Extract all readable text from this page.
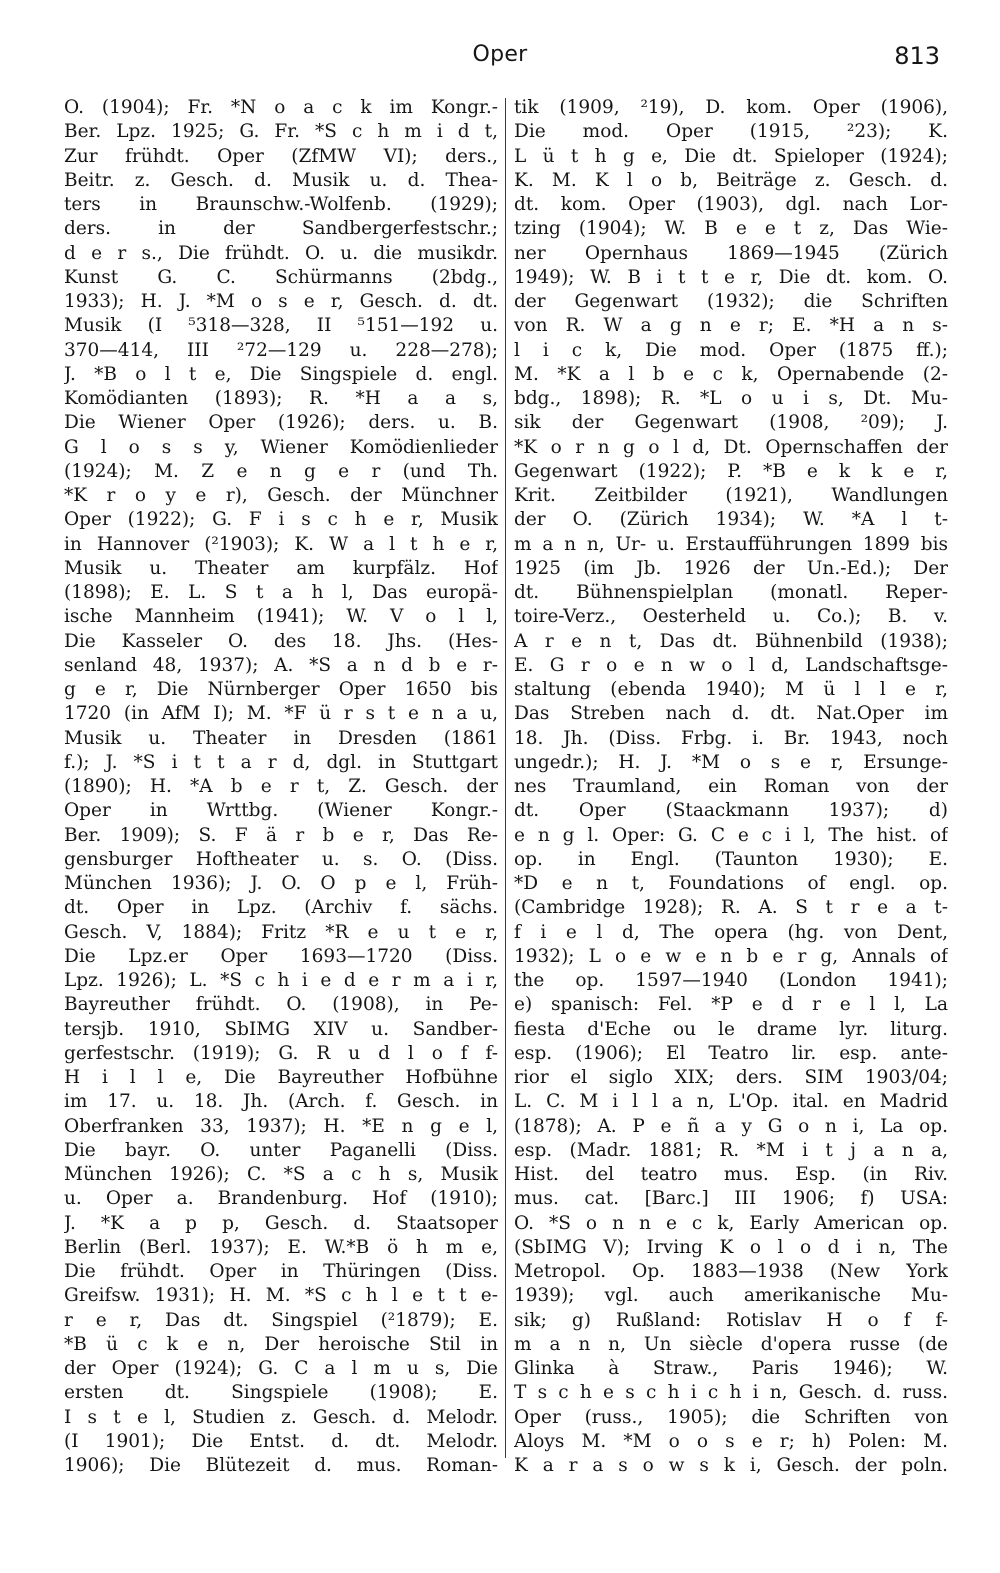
Oper	813
O. (1904); Fr. *N o a c k im Kongr.-
Ber. Lpz. 1925; G. Fr. *S c h m i d t,
Zur frühdt. Oper (ZfMW VI); ders.,
Beitr. z. Gesch. d. Musik u. d. Thea-
ters in Braunschw.-Wolfenb. (1929);
ders. in der Sandbergerfestschr.;
d e r s., Die frühdt. O. u. die musikdr.
Kunst G. C. Schürmanns (2bdg.,
1933); H. J. *M o s e r, Gesch. d. dt.
Musik (I ⁵318—328, II ⁵151—192 u.
370—414, III ²72—129 u. 228—278);
J. *B o l t e, Die Singspiele d. engl.
Komödianten (1893); R. *H a a s,
Die Wiener Oper (1926); ders. u. B.
G l o s s y, Wiener Komödienlieder
(1924); M. Z e n g e r (und Th.
*K r o y e r), Gesch. der Münchner
Oper (1922); G. F i s c h e r, Musik
in Hannover (²1903); K. W a l t h e r,
Musik u. Theater am kurpfälz. Hof
(1898); E. L. S t a h l, Das europä-
ische Mannheim (1941); W. V o l l,
Die Kasseler O. des 18. Jhs. (Hes-
senland 48, 1937); A. *S a n d b e r-
g e r, Die Nürnberger Oper 1650 bis
1720 (in AfM I); M. *F ü r s t e n a u,
Musik u. Theater in Dresden (1861
f.); J. *S i t t a r d, dgl. in Stuttgart
(1890); H. *A b e r t, Z. Gesch. der
Oper in Wrttbg. (Wiener Kongr.-
Ber. 1909); S. F ä r b e r, Das Re-
gensburger Hoftheater u. s. O. (Diss.
München 1936); J. O. O p e l, Früh-
dt. Oper in Lpz. (Archiv f. sächs.
Gesch. V, 1884); Fritz *R e u t e r,
Die Lpz.er Oper 1693—1720 (Diss.
Lpz. 1926); L. *S c h i e d e r m a i r,
Bayreuther frühdt. O. (1908), in Pe-
tersjb. 1910, SbIMG XIV u. Sandber-
gerfestschr. (1919); G. R u d l o f f-
H i l l e, Die Bayreuther Hofbühne
im 17. u. 18. Jh. (Arch. f. Gesch. in
Oberfranken 33, 1937); H. *E n g e l,
Die bayr. O. unter Paganelli (Diss.
München 1926); C. *S a c h s, Musik
u. Oper a. Brandenburg. Hof (1910);
J. *K a p p, Gesch. d. Staatsoper
Berlin (Berl. 1937); E. W.*B ö h m e,
Die frühdt. Oper in Thüringen (Diss.
Greifsw. 1931); H. M. *S c h l e t t e-
r e r, Das dt. Singspiel (²1879); E.
*B ü c k e n, Der heroische Stil in
der Oper (1924); G. C a l m u s, Die
ersten dt. Singspiele (1908); E.
I s t e l, Studien z. Gesch. d. Melodr.
(I 1901); Die Entst. d. dt. Melodr.
1906); Die Blütezeit d. mus. Roman-
tik (1909, ²19), D. kom. Oper (1906),
Die mod. Oper (1915, ²23); K.
L ü t h g e, Die dt. Spieloper (1924);
K. M. K l o b, Beiträge z. Gesch. d.
dt. kom. Oper (1903), dgl. nach Lor-
tzing (1904); W. B e e t z, Das Wie-
ner Opernhaus 1869—1945 (Zürich
1949); W. B i t t e r, Die dt. kom. O.
der Gegenwart (1932); die Schriften
von R. W a g n e r; E. *H a n s-
l i c k, Die mod. Oper (1875 ff.);
M. *K a l b e c k, Opernabende (2-
bdg., 1898); R. *L o u i s, Dt. Mu-
sik der Gegenwart (1908, ²09); J.
*K o r n g o l d, Dt. Opernschaffen der
Gegenwart (1922); P. *B e k k e r,
Krit. Zeitbilder (1921), Wandlungen
der O. (Zürich 1934); W. *A l t-
m a n n, Ur- u. Erstaufführungen 1899 bis
1925 (im Jb. 1926 der Un.-Ed.); Der
dt. Bühnenspielplan (monatl. Reper-
toire-Verz., Oesterheld u. Co.); B. v.
A r e n t, Das dt. Bühnenbild (1938);
E. G r o e n w o l d, Landschaftsge-
staltung (ebenda 1940); M ü l l e r,
Das Streben nach d. dt. Nat.Oper im
18. Jh. (Diss. Frbg. i. Br. 1943, noch
ungedr.); H. J. *M o s e r, Ersunge-
nes Traumland, ein Roman von der
dt. Oper (Staackmann 1937); d)
e n g l. Oper: G. C e c i l, The hist. of
op. in Engl. (Taunton 1930); E.
*D e n t, Foundations of engl. op.
(Cambridge 1928); R. A. S t r e a t-
f i e l d, The opera (hg. von Dent,
1932); L o e w e n b e r g, Annals of
the op. 1597—1940 (London 1941);
e) spanisch: Fel. *P e d r e l l, La
fiesta d'Eche ou le drame lyr. liturg.
esp. (1906); El Teatro lir. esp. ante-
rior el siglo XIX; ders. SIM 1903/04;
L. C. M i l l a n, L'Op. ital. en Madrid
(1878); A. P e ñ a y G o n i, La op.
esp. (Madr. 1881; R. *M i t j a n a,
Hist. del teatro mus. Esp. (in Riv.
mus. cat. [Barc.] III 1906; f) USA:
O. *S o n n e c k, Early American op.
(SbIMG V); Irving K o l o d i n, The
Metropol. Op. 1883—1938 (New York
1939); vgl. auch amerikanische Mu-
sik; g) Rußland: Rotislav H o f f-
m a n n, Un siècle d'opera russe (de
Glinka à Straw., Paris 1946); W.
T s c h e s c h i c h i n, Gesch. d. russ.
Oper (russ., 1905); die Schriften von
Aloys M. *M o o s e r; h) Polen: M.
K a r a s o w s k i, Gesch. der poln.
